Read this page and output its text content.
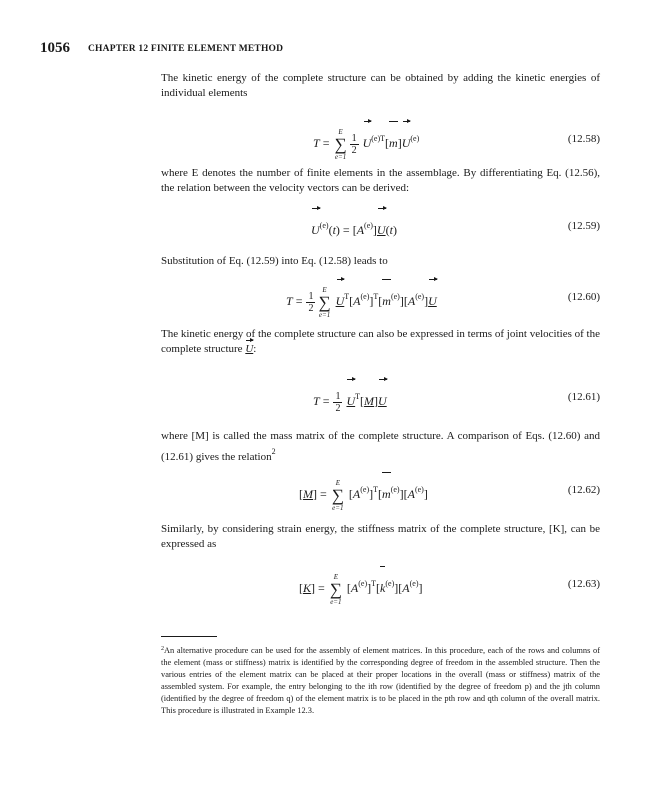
1056 CHAPTER 12 FINITE ELEMENT METHOD

The kinetic energy of the complete structure can be obtained by adding the kinetic energies of individual elements

T =
E
∑
e=1
$\frac{1}{2} U^{(e)T}[m]U^{(e)}$	(12.58)

where E denotes the number of finite elements in the assemblage. By differentiating Eq. (12.56), the relation between the velocity vectors can be derived:

$U^{(e)}(t) = [A^{(e)}]U(t)$	(12.59)

Substitution of Eq. (12.59) into Eq. (12.58) leads to

$T = \frac{1}{2}$
E
∑
e=1
$U^T[A^{(e)}]^T[m^{(e)}][A^{(e)}]U$	(12.60)

The kinetic energy of the complete structure can also be expressed in terms of joint velocities of the complete structure U:

$T = \frac{1}{2} U^T[M]U$	(12.61)

where [M] is called the mass matrix of the complete structure. A comparison of Eqs. (12.60) and (12.61) gives the relation$^2$

[M] =
E
∑
e=1
$[A^{(e)}]^T[m^{(e)}][A^{(e)}]$	(12.62)

Similarly, by considering strain energy, the stiffness matrix of the complete structure, [K], can be expressed as

[K] =
E
∑
e=1
$[A^{(e)}]^T[k^{(e)}][A^{(e)}]$	(12.63)

$^2$An alternative procedure can be used for the assembly of element matrices. In this procedure, each of the rows and columns of the element (mass or stiffness) matrix is identified by the corresponding degree of freedom in the assembled structure. Then the various entries of the element matrix can be placed at their proper locations in the overall (mass or stiffness) matrix of the assembled system. For example, the entry belonging to the ith row (identified by the degree of freedom p) and the jth column (identified by the degree of freedom q) of the element matrix is to be placed in the pth row and qth column of the overall matrix. This procedure is illustrated in Example 12.3.
